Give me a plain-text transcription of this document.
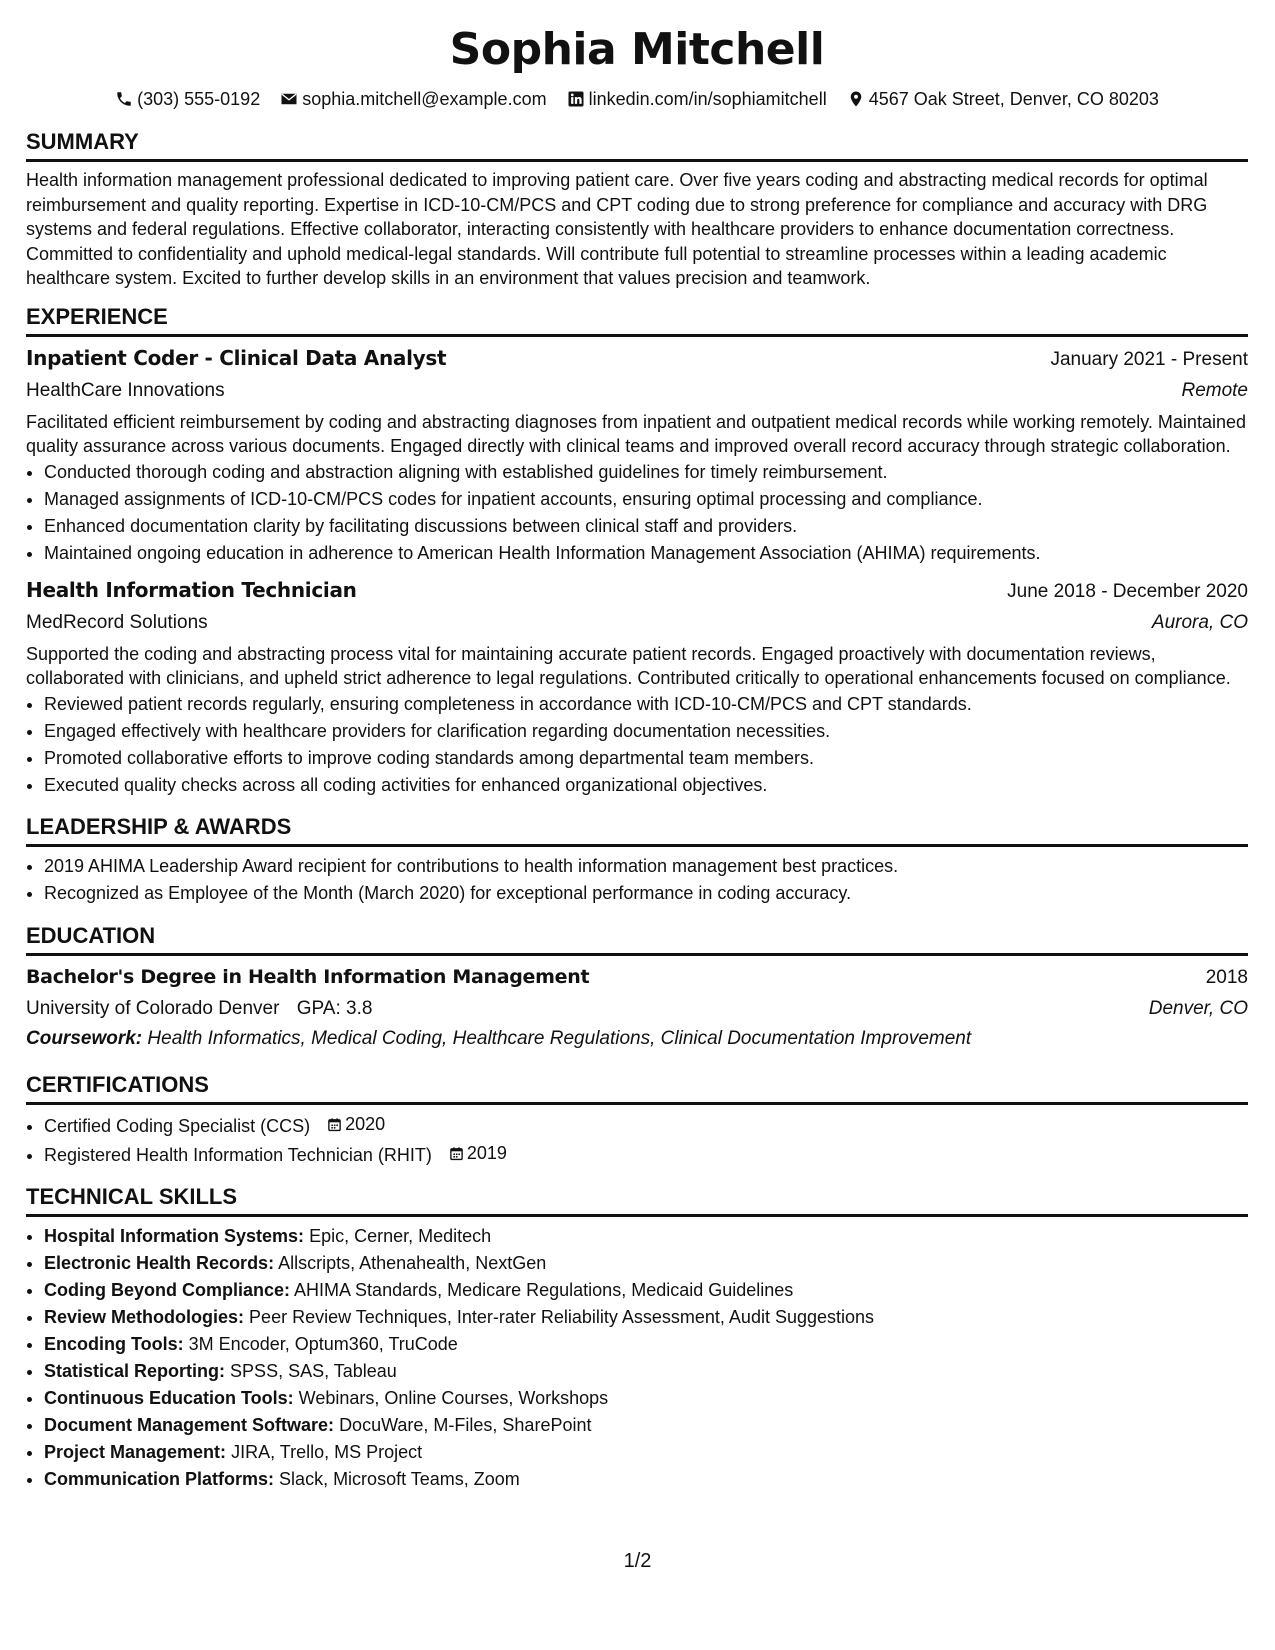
Sophia Mitchell
(303) 555-0192 sophia.mitchell@example.com linkedin.com/in/sophiamitchell 4567 Oak Street, Denver, CO 80203
SUMMARY

Health information management professional dedicated to improving patient care. Over five years coding and abstracting medical records for optimal reimbursement and quality reporting. Expertise in ICD-10-CM/PCS and CPT coding due to strong preference for compliance and accuracy with DRG systems and federal regulations. Effective collaborator, interacting consistently with healthcare providers to enhance documentation correctness. Committed to confidentiality and uphold medical-legal standards. Will contribute full potential to streamline processes within a leading academic healthcare system. Excited to further develop skills in an environment that values precision and teamwork.

EXPERIENCE
Inpatient Coder - Clinical Data Analyst	January 2021 - Present
HealthCare Innovations	Remote

Facilitated efficient reimbursement by coding and abstracting diagnoses from inpatient and outpatient medical records while working remotely. Maintained quality assurance across various documents. Engaged directly with clinical teams and improved overall record accuracy through strategic collaboration.

• Conducted thorough coding and abstraction aligning with established guidelines for timely reimbursement.
• Managed assignments of ICD-10-CM/PCS codes for inpatient accounts, ensuring optimal processing and compliance.
• Enhanced documentation clarity by facilitating discussions between clinical staff and providers.
• Maintained ongoing education in adherence to American Health Information Management Association (AHIMA) requirements.
Health Information Technician	June 2018 - December 2020
MedRecord Solutions	Aurora, CO

Supported the coding and abstracting process vital for maintaining accurate patient records. Engaged proactively with documentation reviews, collaborated with clinicians, and upheld strict adherence to legal regulations. Contributed critically to operational enhancements focused on compliance.

• Reviewed patient records regularly, ensuring completeness in accordance with ICD-10-CM/PCS and CPT standards.
• Engaged effectively with healthcare providers for clarification regarding documentation necessities.
• Promoted collaborative efforts to improve coding standards among departmental team members.
• Executed quality checks across all coding activities for enhanced organizational objectives.
LEADERSHIP & AWARDS
• 2019 AHIMA Leadership Award recipient for contributions to health information management best practices.
• Recognized as Employee of the Month (March 2020) for exceptional performance in coding accuracy.
EDUCATION
Bachelor's Degree in Health Information Management	2018
University of Colorado Denver GPA: 3.8	Denver, CO
Coursework: Health Informatics, Medical Coding, Healthcare Regulations, Clinical Documentation Improvement
CERTIFICATIONS
• Certified Coding Specialist (CCS) 2020
• Registered Health Information Technician (RHIT) 2019
TECHNICAL SKILLS
• Hospital Information Systems: Epic, Cerner, Meditech
• Electronic Health Records: Allscripts, Athenahealth, NextGen
• Coding Beyond Compliance: AHIMA Standards, Medicare Regulations, Medicaid Guidelines
• Review Methodologies: Peer Review Techniques, Inter-rater Reliability Assessment, Audit Suggestions
• Encoding Tools: 3M Encoder, Optum360, TruCode
• Statistical Reporting: SPSS, SAS, Tableau
• Continuous Education Tools: Webinars, Online Courses, Workshops
• Document Management Software: DocuWare, M-Files, SharePoint
• Project Management: JIRA, Trello, MS Project
• Communication Platforms: Slack, Microsoft Teams, Zoom
1/2
